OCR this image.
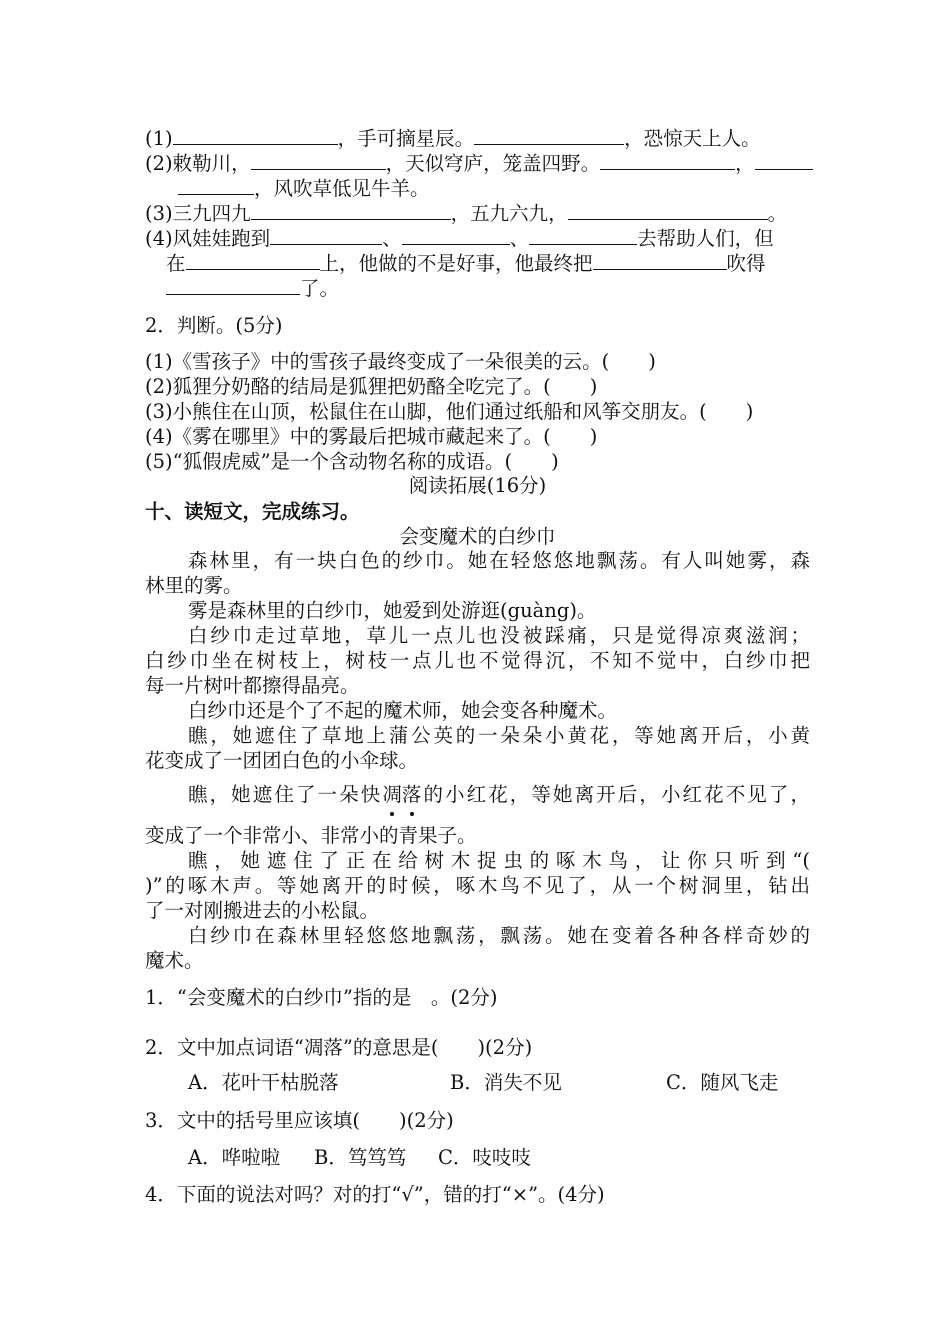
(1)	，手可摘星辰。	，恐惊天上人。
(2)敕勒川，	，天似穹庐，笼盖四野。	，
，风吹草低见牛羊。
(3)三九四九	，五九六九，	。
(4)风娃娃跑到	、	、	去帮助人们，但
在	上，他做的不是好事，他最终把	吹得
了。
2．判断。(5分)
(1)《雪孩子》中的雪孩子最终变成了一朵很美的云。(　　)
(2)狐狸分奶酪的结局是狐狸把奶酪全吃完了。(　　)
(3)小熊住在山顶，松鼠住在山脚，他们通过纸船和风筝交朋友。(　　)
(4)《雾在哪里》中的雾最后把城市藏起来了。(　　)
(5)“狐假虎威”是一个含动物名称的成语。(　　)
阅读拓展(16分)
十、读短文，完成练习。
会变魔术的白纱巾
森林里，有一块白色的纱巾。她在轻悠悠地飘荡。有人叫她雾，森
林里的雾。
雾是森林里的白纱巾，她爱到处游逛(guàng)。
白纱巾走过草地，草儿一点儿也没被踩痛，只是觉得凉爽滋润；
白纱巾坐在树枝上，树枝一点儿也不觉得沉，不知不觉中，白纱巾把
每一片树叶都擦得晶亮。
白纱巾还是个了不起的魔术师，她会变各种魔术。
瞧，她遮住了草地上蒲公英的一朵朵小黄花，等她离开后，小黄
花变成了一团团白色的小伞球。
瞧，她遮住了一朵快凋
落
的小红花，等她离开后，小红花不见了，
变成了一个非常小、非常小的青果子。
瞧，她遮住了正在给树木捉虫的啄木鸟，让你只听到“(
)”的啄木声。等她离开的时候，啄木鸟不见了，从一个树洞里，钻出
了一对刚搬进去的小松鼠。
白纱巾在森林里轻悠悠地飘荡，飘荡。她在变着各种各样奇妙的
魔术。
1．“会变魔术的白纱巾”指的是　。(2分)
2．文中加点词语“凋落”的意思是(　　)(2分)
A．花叶干枯脱落	B．消失不见	C．随风飞走
3．文中的括号里应该填(　　)(2分)
A．哗啦啦 B．笃笃笃 C．吱吱吱
4．下面的说法对吗？对的打“√”，错的打“×”。(4分)
